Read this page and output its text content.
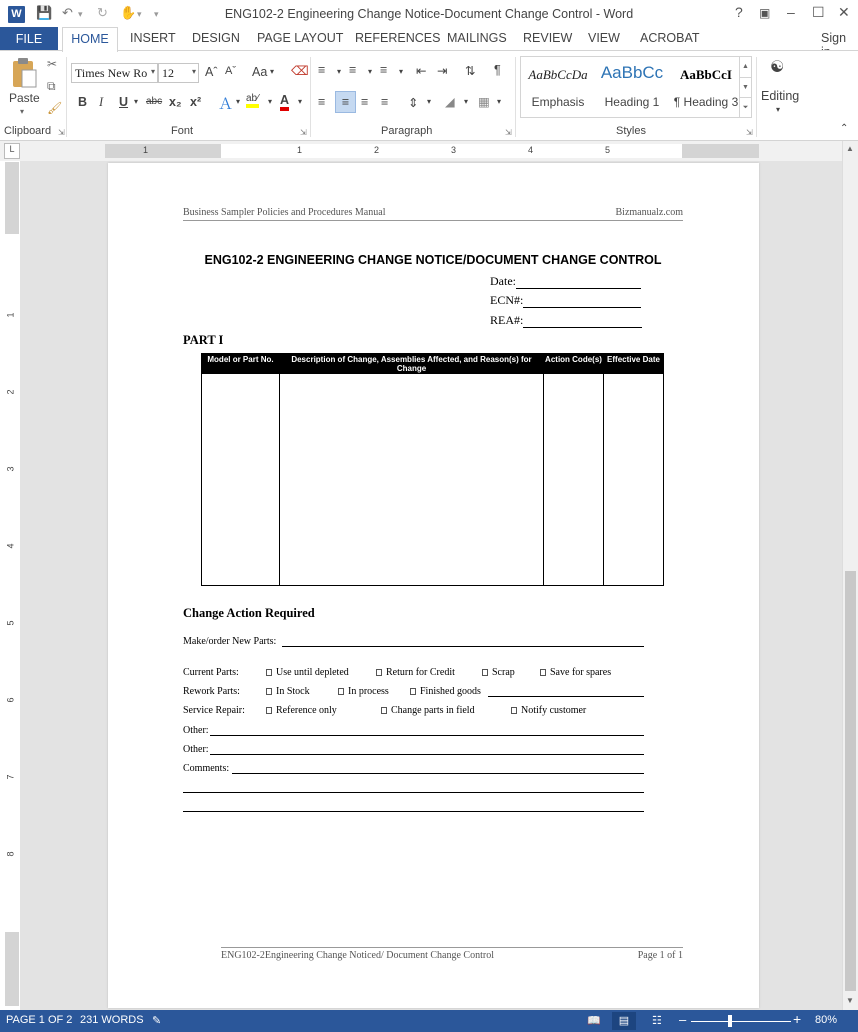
W 💾 ↶ ▾ ↻ ✋ ▾ ▾	ENG102-2 Engineering Change Notice-Document Change Control - Word	? ▣ – ☐ ✕
FILE	HOME	INSERT DESIGN PAGE LAYOUT REFERENCES MAILINGS REVIEW VIEW ACROBAT	Sign
Paste
▾
✂
⧉
🖌
Clipboard ⇲
Times New Ro ▾ 12 ▾ Aˆ Aˇ Aa ▾ ⌫
B I U ▾ abc x₂ x² Ａ ▾ ab⁄ ▾ A ▾
Font	⇲
≡ ▾ ≡ ▾ ≡ ▾ ⇤ ⇥ ⇅ ¶
≡	≡ ≡ ≡ ⇕ ▾ ◢ ▾ ▦ ▾
Paragraph	⇲
AaBbCcDa
Emphasis
AaBbCc
Heading 1
AaBbCcI
¶ Heading 3
▲
▼
⏷
Styles	⇲
☯
Editing
▾
⌃
L	1	1	2	3	4	5
1
2
3
4
5
6
7
8
▲
▼
Business Sampler Policies and Procedures Manual	Bizmanualz.com
ENG102-2 ENGINEERING CHANGE NOTICE/DOCUMENT CHANGE CONTROL
Date:
ECN#:
REA#:
PART I
Model or Part No.	Description of Change, Assemblies Affected, and Reason(s) for Change
Action Code(s) Effective Date
Change Action Required
Make/order New Parts:
Current Parts:	Use until depleted	Return for Credit	Scrap	Save for spares
Rework Parts:	In Stock	In process	Finished goods
Service Repair:	Reference only	Change parts in field	Notify customer
Other:
Other:
Comments:
ENG102-2Engineering Change Noticed/ Document Change Control	Page 1 of 1
PAGE 1 OF 2 231 WORDS ✎	📖	▤	☷ –	+ 80%
